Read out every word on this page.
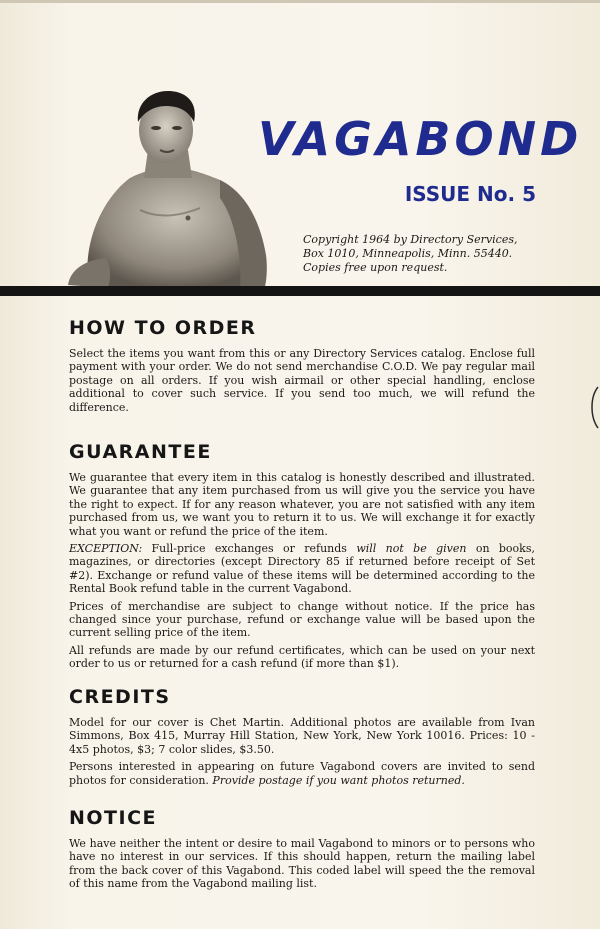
VAGABOND

ISSUE No. 5

Copyright 1964 by Directory Services,
Box 1010, Minneapolis, Minn. 55440.
Copies free upon request.
HOW TO ORDER

Select the items you want from this or any Directory Services catalog. Enclose full payment with your order. We do not send merchandise C.O.D. We pay regular mail postage on all orders. If you wish airmail or other special handling, enclose additional to cover such service. If you send too much, we will refund the difference.

GUARANTEE

We guarantee that every item in this catalog is honestly described and illustrated. We guarantee that any item purchased from us will give you the service you have the right to expect. If for any reason whatever, you are not satisfied with any item purchased from us, we want you to return it to us. We will exchange it for exactly what you want or refund the price of the item.

EXCEPTION: Full-price exchanges or refunds will not be given on books, magazines, or directories (except Directory 85 if returned before receipt of Set #2). Exchange or refund value of these items will be determined according to the Rental Book refund table in the current Vagabond.

Prices of merchandise are subject to change without notice. If the price has changed since your purchase, refund or exchange value will be based upon the current selling price of the item.

All refunds are made by our refund certificates, which can be used on your next order to us or returned for a cash refund (if more than $1).

CREDITS

Model for our cover is Chet Martin. Additional photos are available from Ivan Simmons, Box 415, Murray Hill Station, New York, New York 10016. Prices: 10 - 4x5 photos, $3; 7 color slides, $3.50.

Persons interested in appearing on future Vagabond covers are invited to send photos for consideration. Provide postage if you want photos returned.

NOTICE

We have neither the intent or desire to mail Vagabond to minors or to persons who have no interest in our services. If this should happen, return the mailing label from the back cover of this Vagabond. This coded label will speed the the removal of this name from the Vagabond mailing list.
